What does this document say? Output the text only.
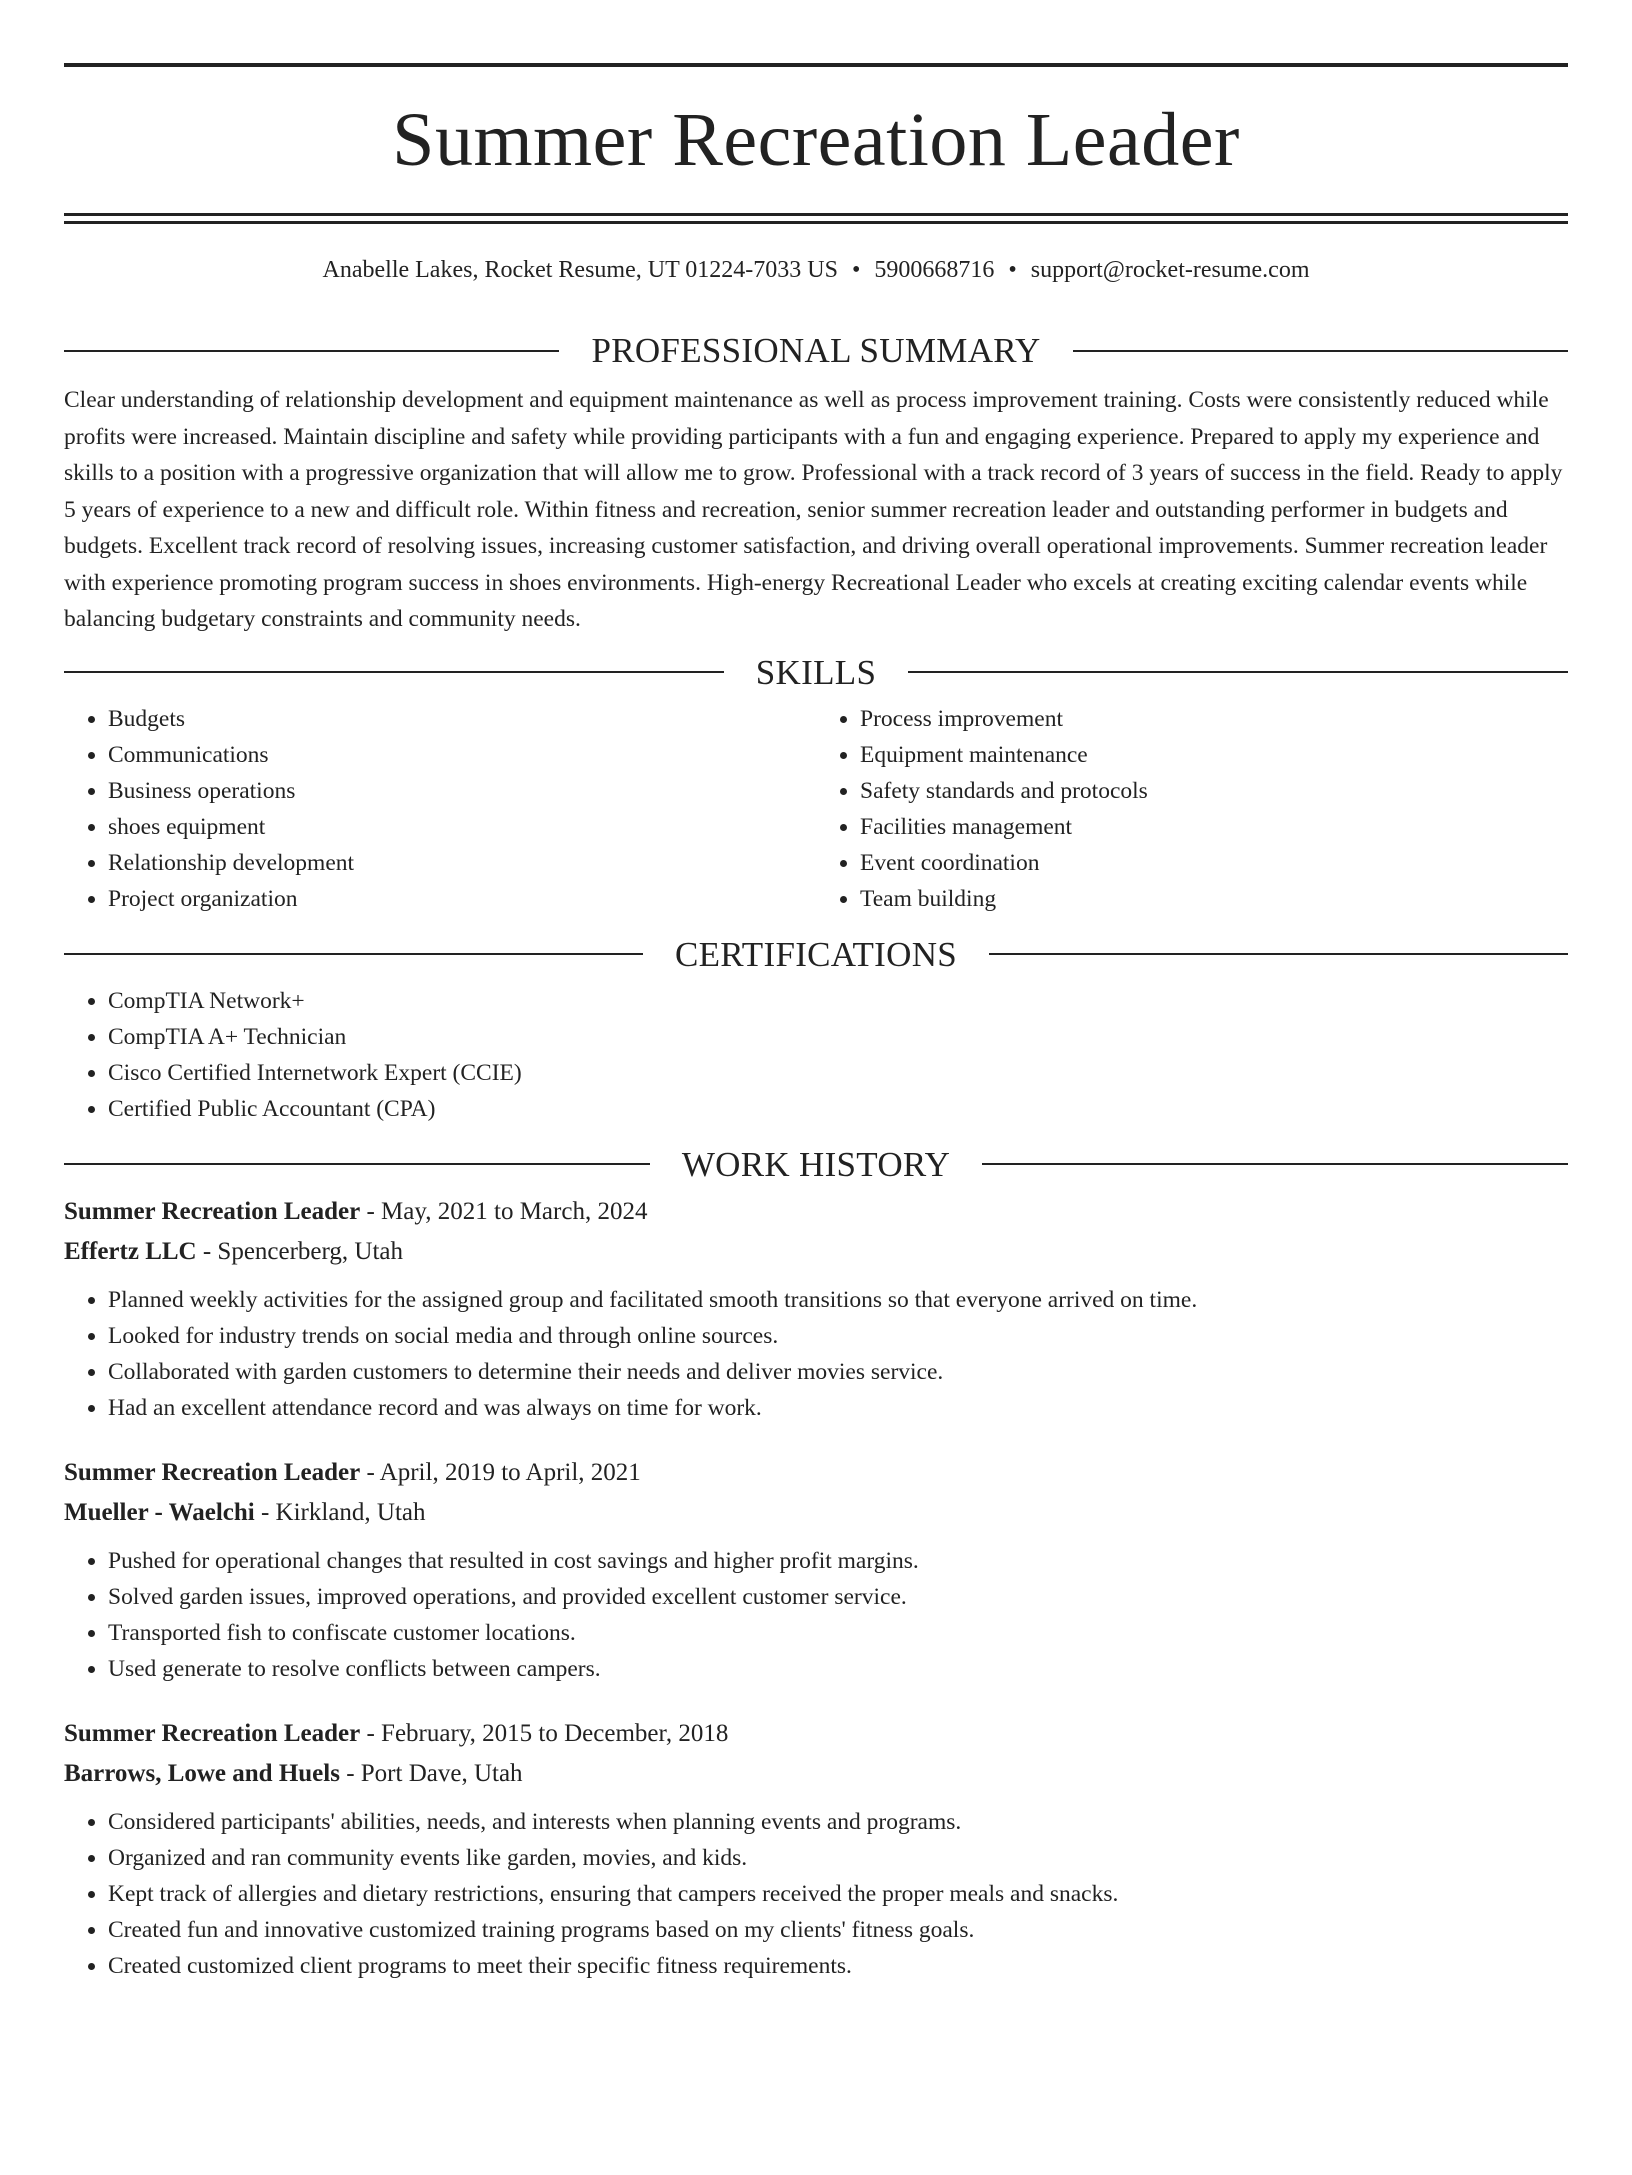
Summer Recreation Leader
Anabelle Lakes, Rocket Resume, UT 01224-7033 US • 5900668716 • support@rocket-resume.com
PROFESSIONAL SUMMARY

Clear understanding of relationship development and equipment maintenance as well as process improvement training. Costs were consistently reduced while profits were increased. Maintain discipline and safety while providing participants with a fun and engaging experience. Prepared to apply my experience and skills to a position with a progressive organization that will allow me to grow. Professional with a track record of 3 years of success in the field. Ready to apply 5 years of experience to a new and difficult role. Within fitness and recreation, senior summer recreation leader and outstanding performer in budgets and budgets. Excellent track record of resolving issues, increasing customer satisfaction, and driving overall operational improvements. Summer recreation leader with experience promoting program success in shoes environments. High-energy Recreational Leader who excels at creating exciting calendar events while balancing budgetary constraints and community needs.

SKILLS
• Budgets
• Communications
• Business operations
• shoes equipment
• Relationship development
• Project organization
• Process improvement
• Equipment maintenance
• Safety standards and protocols
• Facilities management
• Event coordination
• Team building
CERTIFICATIONS
• CompTIA Network+
• CompTIA A+ Technician
• Cisco Certified Internetwork Expert (CCIE)
• Certified Public Accountant (CPA)
WORK HISTORY
Summer Recreation Leader - May, 2021 to March, 2024
Effertz LLC - Spencerberg, Utah
• Planned weekly activities for the assigned group and facilitated smooth transitions so that everyone arrived on time.
• Looked for industry trends on social media and through online sources.
• Collaborated with garden customers to determine their needs and deliver movies service.
• Had an excellent attendance record and was always on time for work.
Summer Recreation Leader - April, 2019 to April, 2021
Mueller - Waelchi - Kirkland, Utah
• Pushed for operational changes that resulted in cost savings and higher profit margins.
• Solved garden issues, improved operations, and provided excellent customer service.
• Transported fish to confiscate customer locations.
• Used generate to resolve conflicts between campers.
Summer Recreation Leader - February, 2015 to December, 2018
Barrows, Lowe and Huels - Port Dave, Utah
• Considered participants' abilities, needs, and interests when planning events and programs.
• Organized and ran community events like garden, movies, and kids.
• Kept track of allergies and dietary restrictions, ensuring that campers received the proper meals and snacks.
• Created fun and innovative customized training programs based on my clients' fitness goals.
• Created customized client programs to meet their specific fitness requirements.
